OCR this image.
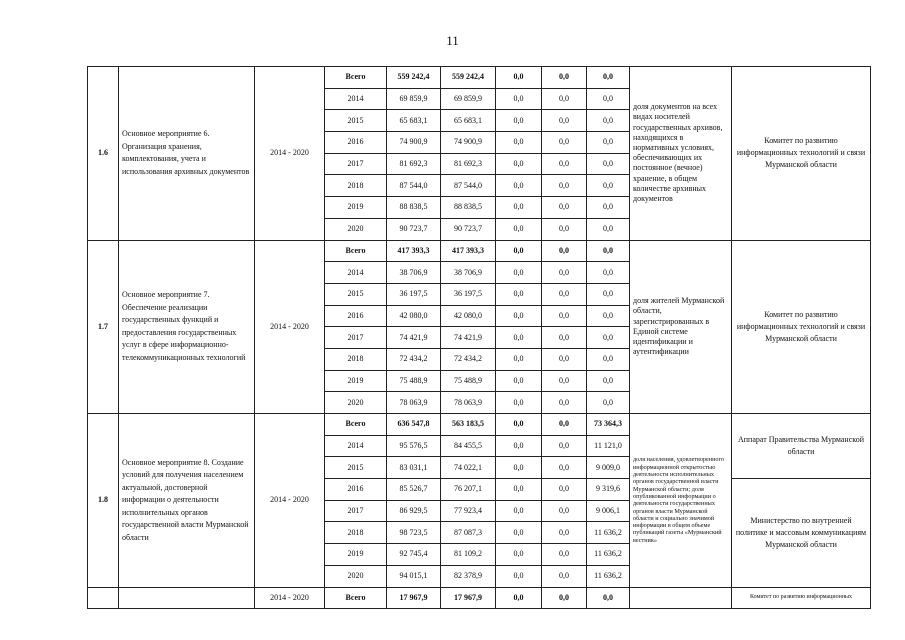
11
1.6	Основное мероприятие 6. Организация хранения, комплектования, учета и использования архивных документов	2014 - 2020	Всего	559 242,4	559 242,4	0,0	0,0	0,0	доля документов на всех видах носителей государственных архивов, находящихся в нормативных условиях, обеспечивающих их постоянное (вечное) хранение, в общем количестве архивных документов	Комитет по развитию информационных технологий и связи Мурманской области
			2014	69 859,9	69 859,9	0,0	0,0	0,0		
			2015	65 683,1	65 683,1	0,0	0,0	0,0		
			2016	74 900,9	74 900,9	0,0	0,0	0,0		
			2017	81 692,3	81 692,3	0,0	0,0	0,0		
			2018	87 544,0	87 544,0	0,0	0,0	0,0		
			2019	88 838,5	88 838,5	0,0	0,0	0,0		
			2020	90 723,7	90 723,7	0,0	0,0	0,0		
1.7	Основное мероприятие 7. Обеспечение реализации государственных функций и предоставления государственных услуг в сфере информационно-телекоммуникационных технологий	2014 - 2020	Всего	417 393,3	417 393,3	0,0	0,0	0,0	доля жителей Мурманской области, зарегистрированных в Единой системе идентификации и аутентификации	Комитет по развитию информационных технологий и связи Мурманской области
			2014	38 706,9	38 706,9	0,0	0,0	0,0		
			2015	36 197,5	36 197,5	0,0	0,0	0,0		
			2016	42 080,0	42 080,0	0,0	0,0	0,0		
			2017	74 421,9	74 421,9	0,0	0,0	0,0		
			2018	72 434,2	72 434,2	0,0	0,0	0,0		
			2019	75 488,9	75 488,9	0,0	0,0	0,0		
			2020	78 063,9	78 063,9	0,0	0,0	0,0		
1.8	Основное мероприятие 8. Создание условий для получения населением актуальной, достоверной информации о деятельности исполнительных органов государственной власти Мурманской области	2014 - 2020	Всего	636 547,8	563 183,5	0,0	0,0	73 364,3	доля населения, удовлетворенного информационной открытостью деятельности исполнительных органов государственной власти Мурманской области; доля опубликованной информации о деятельности государственных органов власти Мурманской области и социально значимой информации в общем объеме публикаций газеты «Мурманский вестник»	Аппарат Правительства Мурманской области
			2014	95 576,5	84 455,5	0,0	0,0	11 121,0		
			2015	83 031,1	74 022,1	0,0	0,0	9 009,0		
			2016	85 526,7	76 207,1	0,0	0,0	9 319,6		Министерство по внутренней политике и массовым коммуникациям Мурманской области
			2017	86 929,5	77 923,4	0,0	0,0	9 006,1		
			2018	98 723,5	87 087,3	0,0	0,0	11 636,2		
			2019	92 745,4	81 109,2	0,0	0,0	11 636,2		
			2020	94 015,1	82 378,9	0,0	0,0	11 636,2		
		2014 - 2020	Всего	17 967,9	17 967,9	0,0	0,0	0,0		Комитет по развитию информационных
